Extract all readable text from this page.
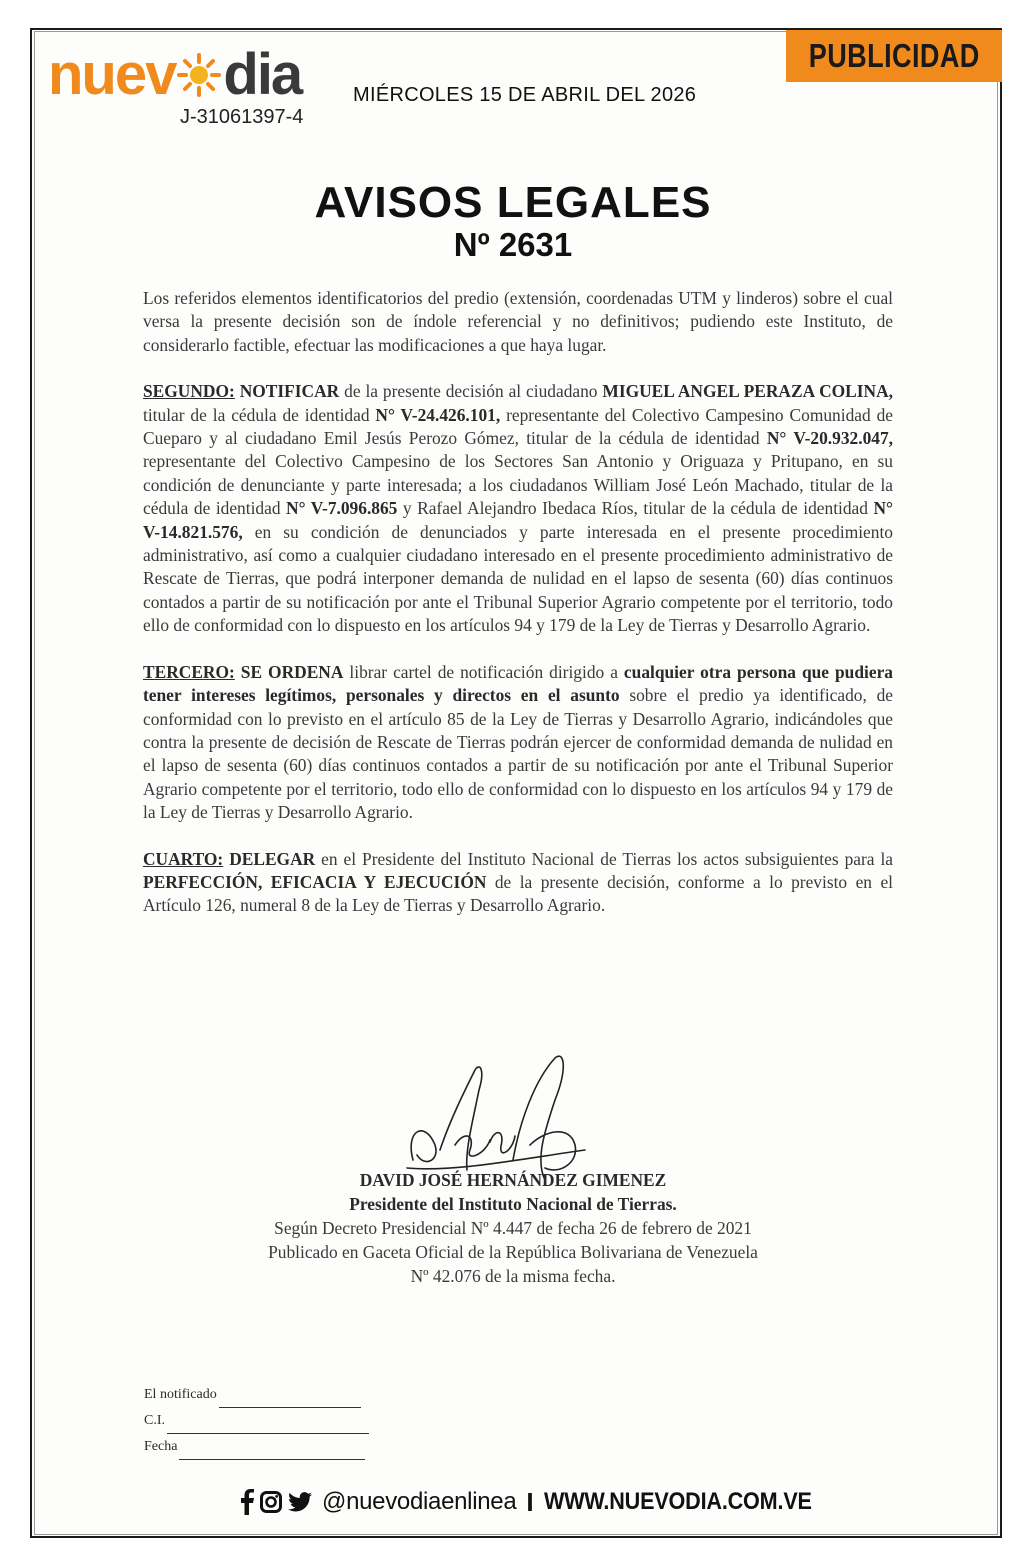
nuev d ia
J-31061397-4
MIÉRCOLES 15 DE ABRIL DEL 2026
PUBLICIDAD
AVISOS LEGALES
Nº 2631

Los referidos elementos identificatorios del predio (extensión, coordenadas UTM y linderos) sobre el cual versa la presente decisión son de índole referencial y no definitivos; pudiendo este Instituto, de considerarlo factible, efectuar las modificaciones a que haya lugar.

SEGUNDO: NOTIFICAR de la presente decisión al ciudadano MIGUEL ANGEL PERAZA COLINA, titular de la cédula de identidad N° V-24.426.101, representante del Colectivo Campesino Comunidad de Cueparo y al ciudadano Emil Jesús Perozo Gómez, titular de la cédula de identidad N° V-20.932.047, representante del Colectivo Campesino de los Sectores San Antonio y Origuaza y Pritupano, en su condición de denunciante y parte interesada; a los ciudadanos William José León Machado, titular de la cédula de identidad N° V-7.096.865 y Rafael Alejandro Ibedaca Ríos, titular de la cédula de identidad N° V-14.821.576, en su condición de denunciados y parte interesada en el presente procedimiento administrativo, así como a cualquier ciudadano interesado en el presente procedimiento administrativo de Rescate de Tierras, que podrá interponer demanda de nulidad en el lapso de sesenta (60) días continuos contados a partir de su notificación por ante el Tribunal Superior Agrario competente por el territorio, todo ello de conformidad con lo dispuesto en los artículos 94 y 179 de la Ley de Tierras y Desarrollo Agrario.

TERCERO: SE ORDENA librar cartel de notificación dirigido a cualquier otra persona que pudiera tener intereses legítimos, personales y directos en el asunto sobre el predio ya identificado, de conformidad con lo previsto en el artículo 85 de la Ley de Tierras y Desarrollo Agrario, indicándoles que contra la presente de decisión de Rescate de Tierras podrán ejercer de conformidad demanda de nulidad en el lapso de sesenta (60) días continuos contados a partir de su notificación por ante el Tribunal Superior Agrario competente por el territorio, todo ello de conformidad con lo dispuesto en los artículos 94 y 179 de la Ley de Tierras y Desarrollo Agrario.

CUARTO: DELEGAR en el Presidente del Instituto Nacional de Tierras los actos subsiguientes para la PERFECCIÓN, EFICACIA Y EJECUCIÓN de la presente decisión, conforme a lo previsto en el Artículo 126, numeral 8 de la Ley de Tierras y Desarrollo Agrario.

DAVID JOSÉ HERNÁNDEZ GIMENEZ
Presidente del Instituto Nacional de Tierras.
Según Decreto Presidencial Nº 4.447 de fecha 26 de febrero de 2021
Publicado en Gaceta Oficial de la República Bolivariana de Venezuela
Nº 42.076 de la misma fecha.
El notificado
C.I.
Fecha
@nuevodiaenlinea I WWW.NUEVODIA.COM.VE
